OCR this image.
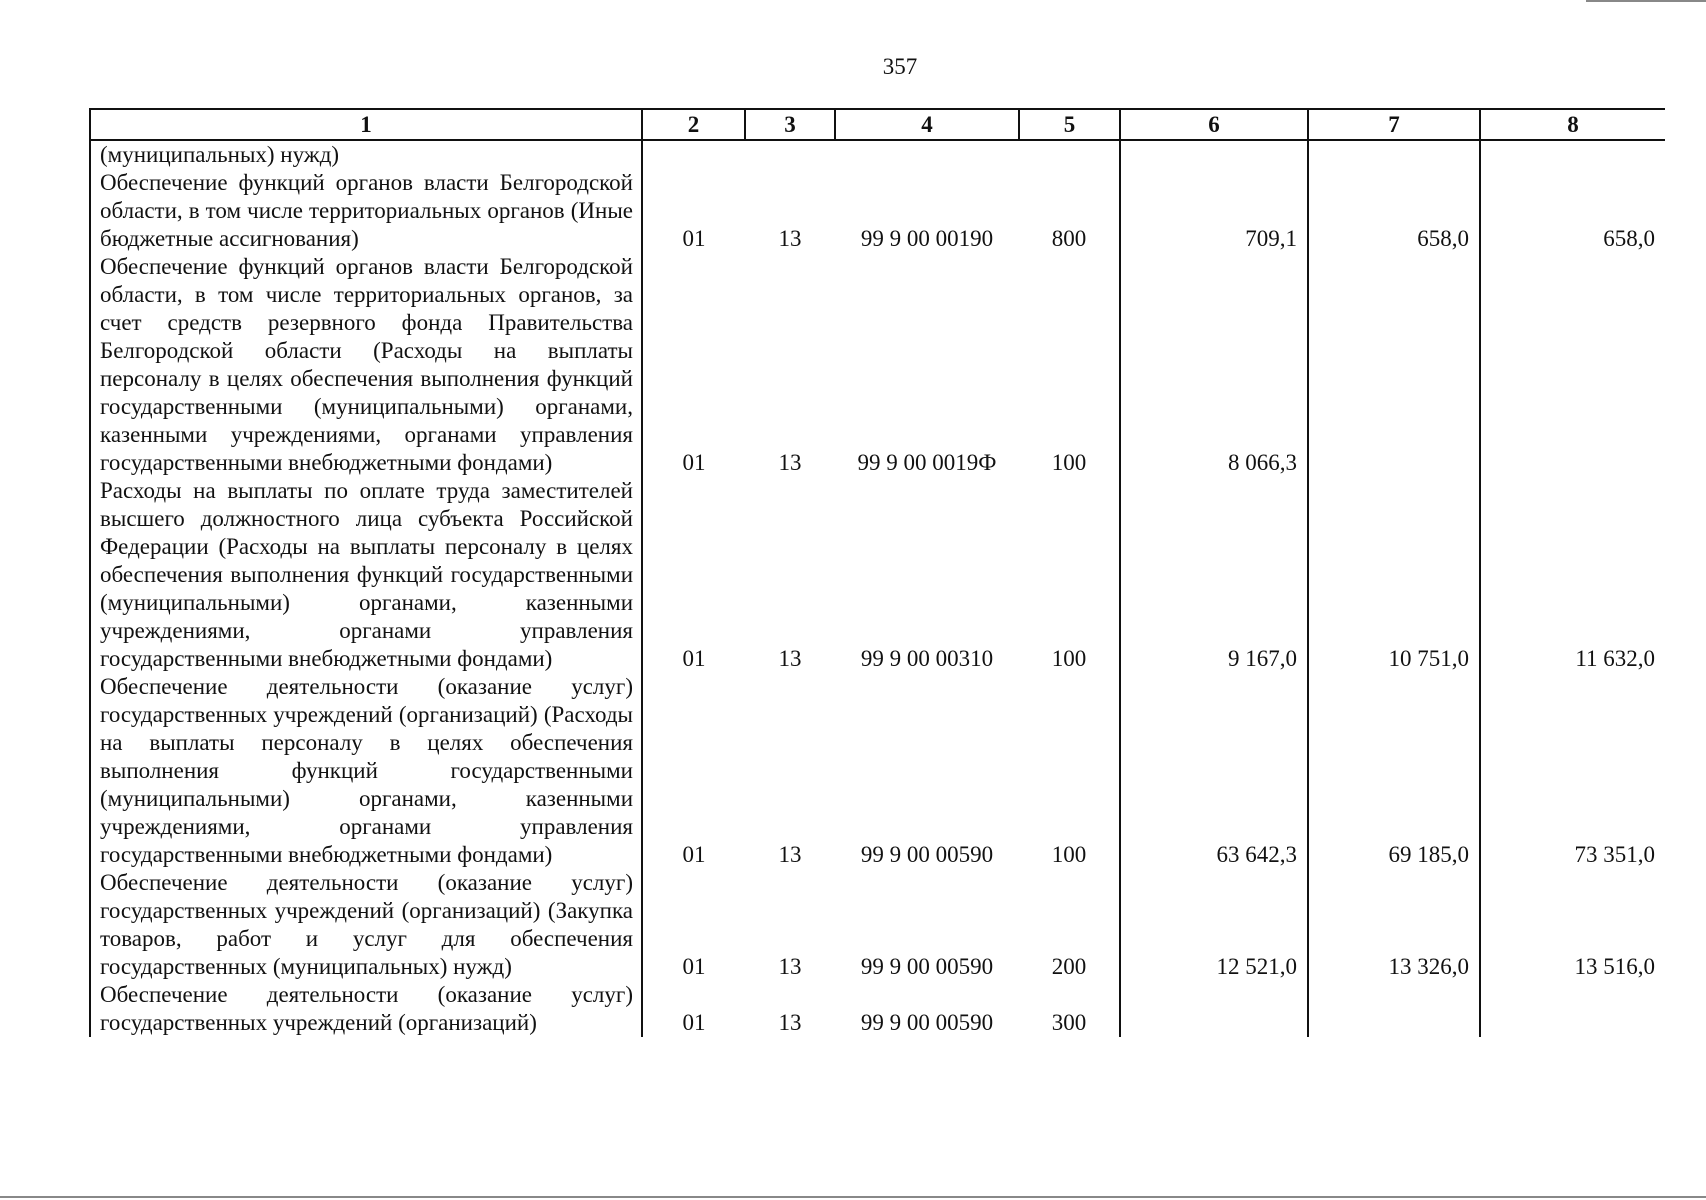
357
1	2	3	4	5	6	7	8
(муниципальных) нужд)							
Обеспечение функций органов власти Белгородской области, в том числе территориальных органов (Иные бюджетные ассигнования)	01	13	99 9 00 00190	800	709,1	658,0	658,0
Обеспечение функций органов власти Белгородской области, в том числе территориальных органов, за счет средств резервного фонда Правительства Белгородской области (Расходы на выплаты персоналу в целях обеспечения выполнения функций государственными (муниципальными) органами, казенными учреждениями, органами управления государственными внебюджетными фондами)	01	13	99 9 00 0019Ф	100	8 066,3		
Расходы на выплаты по оплате труда заместителей высшего должностного лица субъекта Российской Федерации (Расходы на выплаты персоналу в целях обеспечения выполнения функций государственными (муниципальными) органами, казенными учреждениями, органами управления государственными внебюджетными фондами)	01	13	99 9 00 00310	100	9 167,0	10 751,0	11 632,0
Обеспечение деятельности (оказание услуг) государственных учреждений (организаций) (Расходы на выплаты персоналу в целях обеспечения выполнения функций государственными (муниципальными) органами, казенными учреждениями, органами управления государственными внебюджетными фондами)	01	13	99 9 00 00590	100	63 642,3	69 185,0	73 351,0
Обеспечение деятельности (оказание услуг) государственных учреждений (организаций) (Закупка товаров, работ и услуг для обеспечения государственных (муниципальных) нужд)	01	13	99 9 00 00590	200	12 521,0	13 326,0	13 516,0
Обеспечение деятельности (оказание услуг) государственных учреждений (организаций)	01	13	99 9 00 00590	300			
